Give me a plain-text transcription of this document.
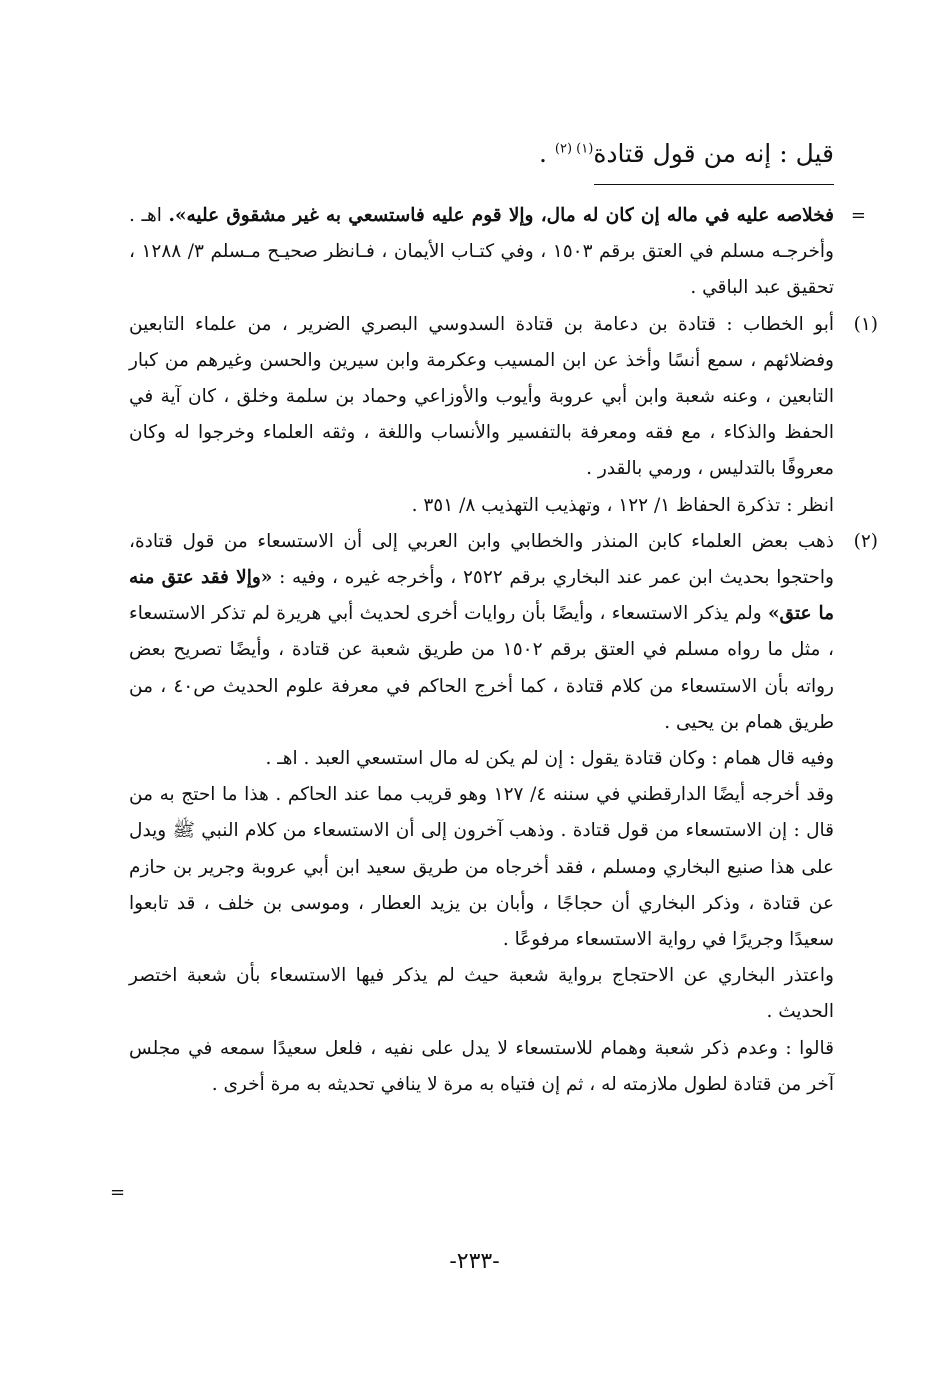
قيل : إنه من قول قتادة$^{(١) (٢)}$ .
=

فخلاصه عليه في ماله إن كان له مال، وإلا قوم عليه فاستسعي به غير مشقوق عليه». اهـ . وأخرجـه مسلم في العتق برقم ١٥٠٣ ، وفي كتـاب الأيمان ، فـانظر صحيـح مـسلم ٣/ ١٢٨٨ ، تحقيق عبد الباقي .

(١)

أبو الخطاب : قتادة بن دعامة بن قتادة السدوسي البصري الضرير ، من علماء التابعين وفضلائهم ، سمع أنسًا وأخذ عن ابن المسيب وعكرمة وابن سيرين والحسن وغيرهم من كبار التابعين ، وعنه شعبة وابن أبي عروبة وأيوب والأوزاعي وحماد بن سلمة وخلق ، كان آية في الحفظ والذكاء ، مع فقه ومعرفة بالتفسير والأنساب واللغة ، وثقه العلماء وخرجوا له وكان معروفًا بالتدليس ، ورمي بالقدر .

انظر : تذكرة الحفاظ ١/ ١٢٢ ، وتهذيب التهذيب ٨/ ٣٥١ .

(٢)

ذهب بعض العلماء كابن المنذر والخطابي وابن العربي إلى أن الاستسعاء من قول قتادة، واحتجوا بحديث ابن عمر عند البخاري برقم ٢٥٢٢ ، وأخرجه غيره ، وفيه : «وإلا فقد عتق منه ما عتق» ولم يذكر الاستسعاء ، وأيضًا بأن روايات أخرى لحديث أبي هريرة لم تذكر الاستسعاء ، مثل ما رواه مسلم في العتق برقم ١٥٠٢ من طريق شعبة عن قتادة ، وأيضًا تصريح بعض رواته بأن الاستسعاء من كلام قتادة ، كما أخرج الحاكم في معرفة علوم الحديث ص٤٠ ، من طريق همام بن يحيى .

وفيه قال همام : وكان قتادة يقول : إن لم يكن له مال استسعي العبد . اهـ .

وقد أخرجه أيضًا الدارقطني في سننه ٤/ ١٢٧ وهو قريب مما عند الحاكم . هذا ما احتج به من قال : إن الاستسعاء من قول قتادة . وذهب آخرون إلى أن الاستسعاء من كلام النبي ﷺ ويدل على هذا صنيع البخاري ومسلم ، فقد أخرجاه من طريق سعيد ابن أبي عروبة وجرير بن حازم عن قتادة ، وذكر البخاري أن حجاجًا ، وأبان بن يزيد العطار ، وموسى بن خلف ، قد تابعوا سعيدًا وجريرًا في رواية الاستسعاء مرفوعًا .

واعتذر البخاري عن الاحتجاج برواية شعبة حيث لم يذكر فيها الاستسعاء بأن شعبة اختصر الحديث .

قالوا : وعدم ذكر شعبة وهمام للاستسعاء لا يدل على نفيه ، فلعل سعيدًا سمعه في مجلس آخر من قتادة لطول ملازمته له ، ثم إن فتياه به مرة لا ينافي تحديثه به مرة أخرى .

=
-٢٣٣-
